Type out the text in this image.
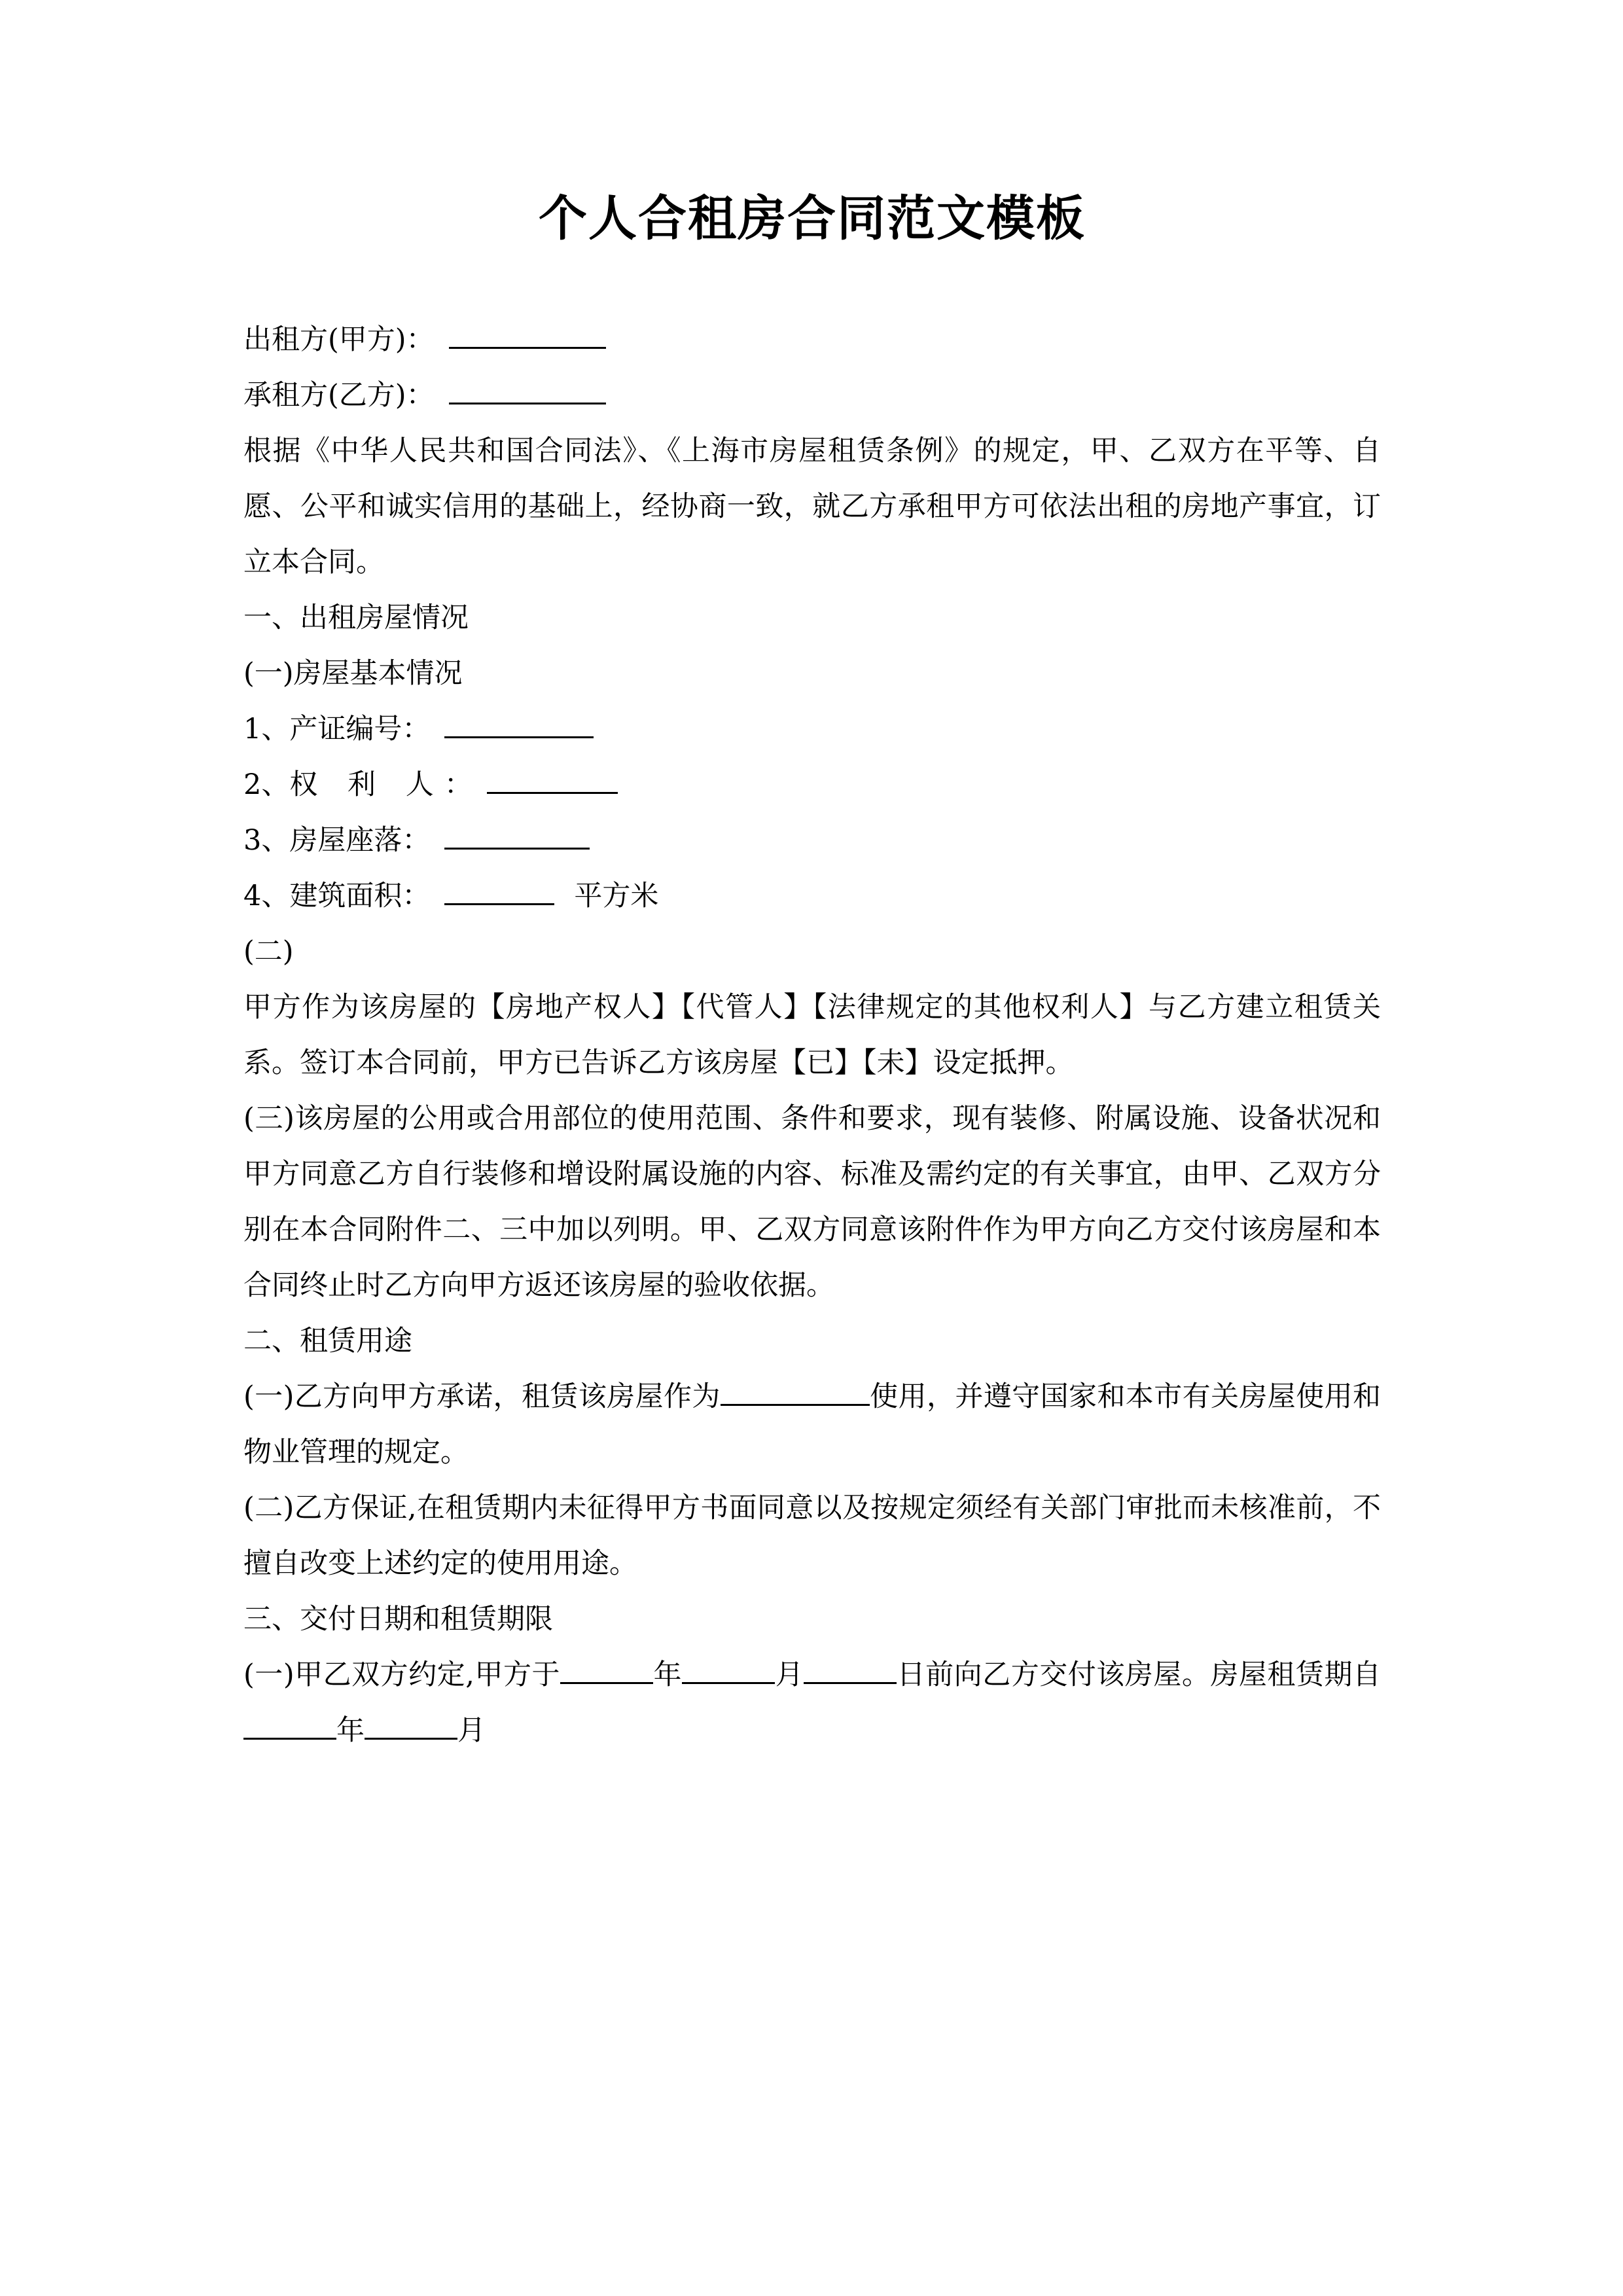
个人合租房合同范文模板

出租方(甲方)：

承租方(乙方)：

根据《中华人民共和国合同法》、《上海市房屋租赁条例》的规定，甲、乙双方在平等、自愿、公平和诚实信用的基础上，经协商一致，就乙方承租甲方可依法出租的房地产事宜，订立本合同。

一、出租房屋情况

(一)房屋基本情况

1、产证编号：

2、权 利 人：

3、房屋座落：

4、建筑面积：	平方米

(二)

甲方作为该房屋的【房地产权人】【代管人】【法律规定的其他权利人】与乙方建立租赁关系。签订本合同前，甲方已告诉乙方该房屋【已】【未】设定抵押。

(三)该房屋的公用或合用部位的使用范围、条件和要求，现有装修、附属设施、设备状况和甲方同意乙方自行装修和增设附属设施的内容、标准及需约定的有关事宜，由甲、乙双方分别在本合同附件二、三中加以列明。甲、乙双方同意该附件作为甲方向乙方交付该房屋和本合同终止时乙方向甲方返还该房屋的验收依据。

二、租赁用途

(一)乙方向甲方承诺，租赁该房屋作为	使用，并遵守国家和本市有关房屋使用和物业管理的规定。

(二)乙方保证,在租赁期内未征得甲方书面同意以及按规定须经有关部门审批而未核准前，不擅自改变上述约定的使用用途。

三、交付日期和租赁期限

(一)甲乙双方约定,甲方于	年	月	日前向乙方交付该房屋。房屋租赁期自年	月
